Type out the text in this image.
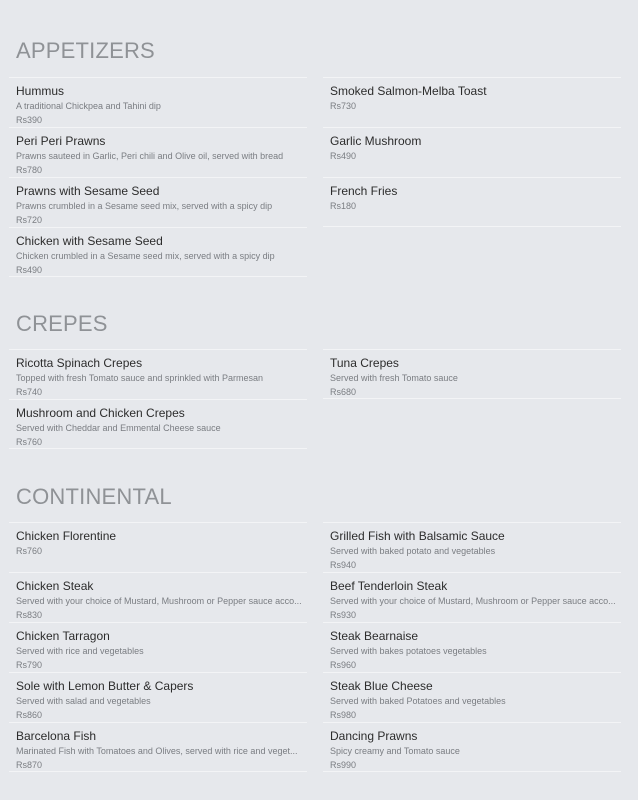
APPETIZERS
Hummus
A traditional Chickpea and Tahini dip
Rs390
Peri Peri Prawns
Prawns sauteed in Garlic, Peri chili and Olive oil, served with bread
Rs780
Prawns with Sesame Seed
Prawns crumbled in a Sesame seed mix, served with a spicy dip
Rs720
Chicken with Sesame Seed
Chicken crumbled in a Sesame seed mix, served with a spicy dip
Rs490
Smoked Salmon-Melba Toast
Rs730
Garlic Mushroom
Rs490
French Fries
Rs180
CREPES
Ricotta Spinach Crepes
Topped with fresh Tomato sauce and sprinkled with Parmesan
Rs740
Mushroom and Chicken Crepes
Served with Cheddar and Emmental Cheese sauce
Rs760
Tuna Crepes
Served with fresh Tomato sauce
Rs680
CONTINENTAL
Chicken Florentine
Rs760
Chicken Steak
Served with your choice of Mustard, Mushroom or Pepper sauce acco...
Rs830
Chicken Tarragon
Served with rice and vegetables
Rs790
Sole with Lemon Butter & Capers
Served with salad and vegetables
Rs860
Barcelona Fish
Marinated Fish with Tomatoes and Olives, served with rice and veget...
Rs870
Grilled Fish with Balsamic Sauce
Served with baked potato and vegetables
Rs940
Beef Tenderloin Steak
Served with your choice of Mustard, Mushroom or Pepper sauce acco...
Rs930
Steak Bearnaise
Served with bakes potatoes vegetables
Rs960
Steak Blue Cheese
Served with baked Potatoes and vegetables
Rs980
Dancing Prawns
Spicy creamy and Tomato sauce
Rs990
